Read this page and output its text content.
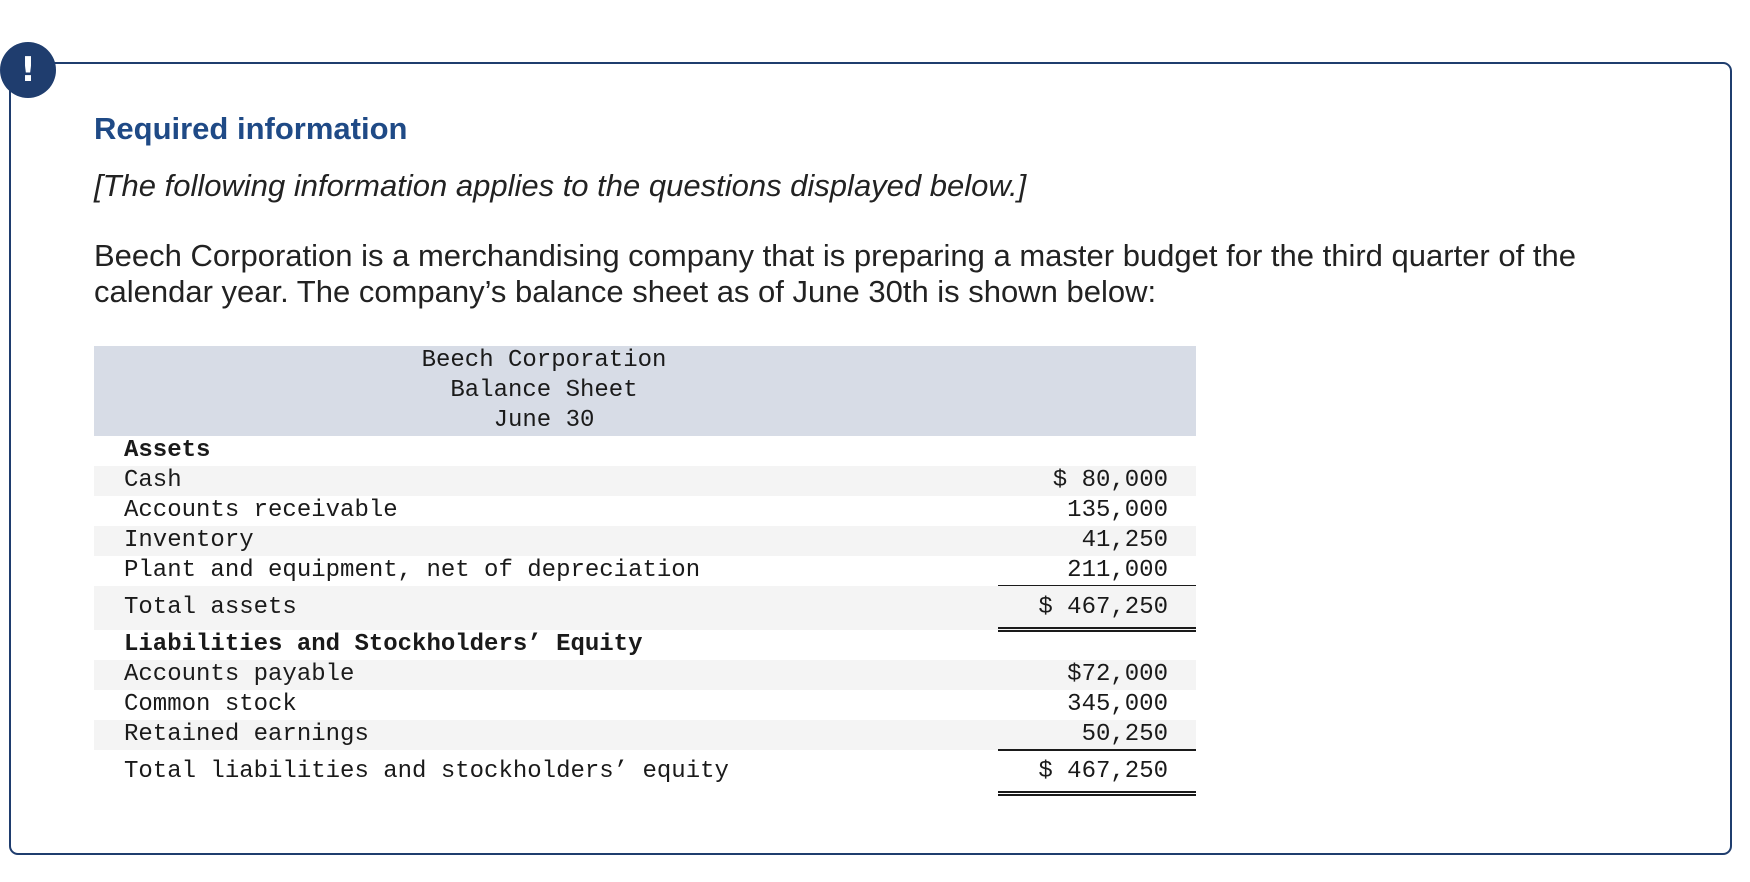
!
Required information

[The following information applies to the questions displayed below.]

Beech Corporation is a merchandising company that is preparing a master budget for the third quarter of the calendar year. The company’s balance sheet as of June 30th is shown below:

Beech Corporation
Balance Sheet
June 30
Assets
Cash	$ 80,000
Accounts receivable	135,000
Inventory	41,250
Plant and equipment, net of depreciation	211,000
Total assets	$ 467,250
Liabilities and Stockholders’ Equity
Accounts payable	$72,000
Common stock	345,000
Retained earnings	50,250
Total liabilities and stockholders’ equity	$ 467,250
